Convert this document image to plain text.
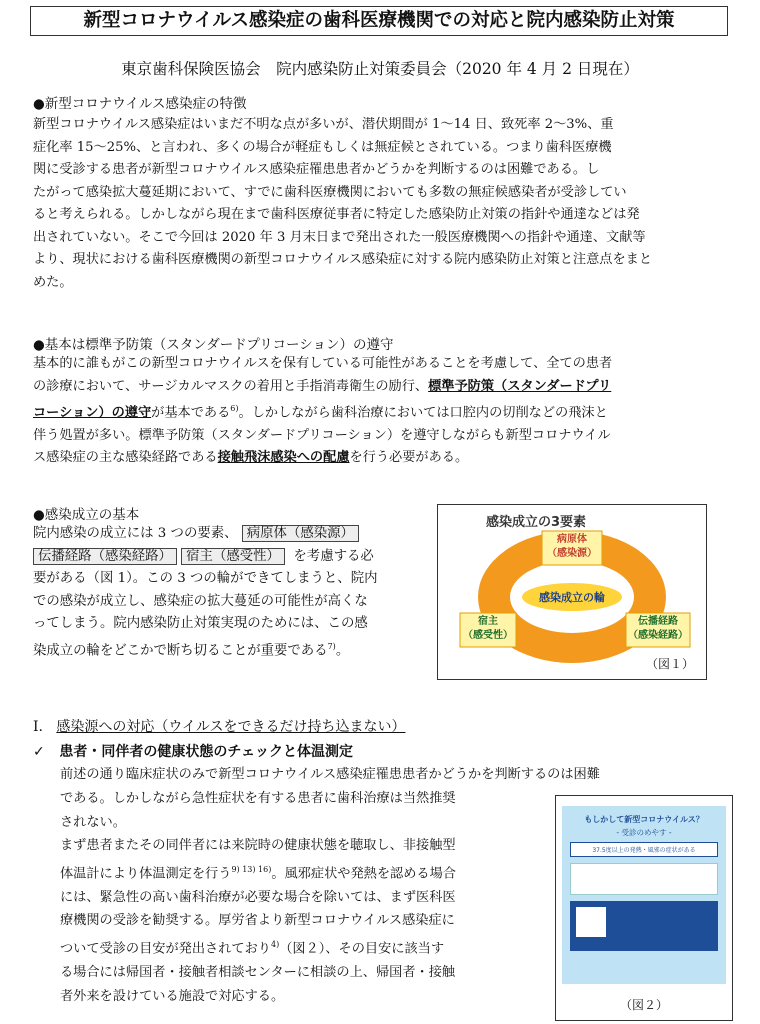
新型コロナウイルス感染症の歯科医療機関での対応と院内感染防止対策
東京歯科保険医協会　院内感染防止対策委員会（2020 年 4 月 2 日現在）
●新型コロナウイルス感染症の特徴

新型コロナウイルス感染症はいまだ不明な点が多いが、潜伏期間が 1～14 日、致死率 2～3%、重

症化率 15～25%、と言われ、多くの場合が軽症もしくは無症候とされている。つまり歯科医療機

関に受診する患者が新型コロナウイルス感染症罹患患者かどうかを判断するのは困難である。し

たがって感染拡大蔓延期において、すでに歯科医療機関においても多数の無症候感染者が受診してい

ると考えられる。しかしながら現在まで歯科医療従事者に特定した感染防止対策の指針や通達などは発

出されていない。そこで今回は 2020 年 3 月末日まで発出された一般医療機関への指針や通達、文献等

より、現状における歯科医療機関の新型コロナウイルス感染症に対する院内感染防止対策と注意点をまと

めた。

●基本は標準予防策（スタンダードプリコーション）の遵守

基本的に誰もがこの新型コロナウイルスを保有している可能性があることを考慮して、全ての患者

の診療において、サージカルマスクの着用と手指消毒衛生の励行、標準予防策（スタンダードプリ

コーション）の遵守が基本である$^{6)}$。しかしながら歯科治療においては口腔内の切削などの飛沫と

伴う処置が多い。標準予防策（スタンダードプリコーション）を遵守しながらも新型コロナウイル

ス感染症の主な感染経路である接触飛沫感染への配慮を行う必要がある。

●感染成立の基本

院内感染の成立には 3 つの要素、 病原体（感染源）

伝播経路（感染経路） 宿主（感受性） を考慮する必

要がある（図 1）。この 3 つの輪ができてしまうと、院内

での感染が成立し、感染症の拡大蔓延の可能性が高くな

ってしまう。院内感染防止対策実現のためには、この感

染成立の輪をどこかで断ち切ることが重要である$^{7)}$。

感染成立の3要素
感染成立の輪
病原体
（感染源）
宿主
（感受性）
伝播経路
（感染経路）
（図１）
I. 感染源への対応（ウイルスをできるだけ持ち込まない）
✓ 患者・同伴者の健康状態のチェックと体温測定

前述の通り臨床症状のみで新型コロナウイルス感染症罹患患者かどうかを判断するのは困難

である。しかしながら急性症状を有する患者に歯科治療は当然推奨

されない。

まず患者またその同伴者には来院時の健康状態を聴取し、非接触型

体温計により体温測定を行う$^{9) 13) 16)}$。風邪症状や発熱を認める場合

には、緊急性の高い歯科治療が必要な場合を除いては、まず医科医

療機関の受診を勧奨する。厚労省より新型コロナウイルス感染症に

ついて受診の目安が発出されており$^{4)}$（図２）、その目安に該当す

る場合には帰国者・接触者相談センターに相談の上、帰国者・接触

者外来を設けている施設で対応する。

もしかして新型コロナウイルス？
- 受診のめやす -
37.5度以上の発熱・風邪の症状がある
（図２）
